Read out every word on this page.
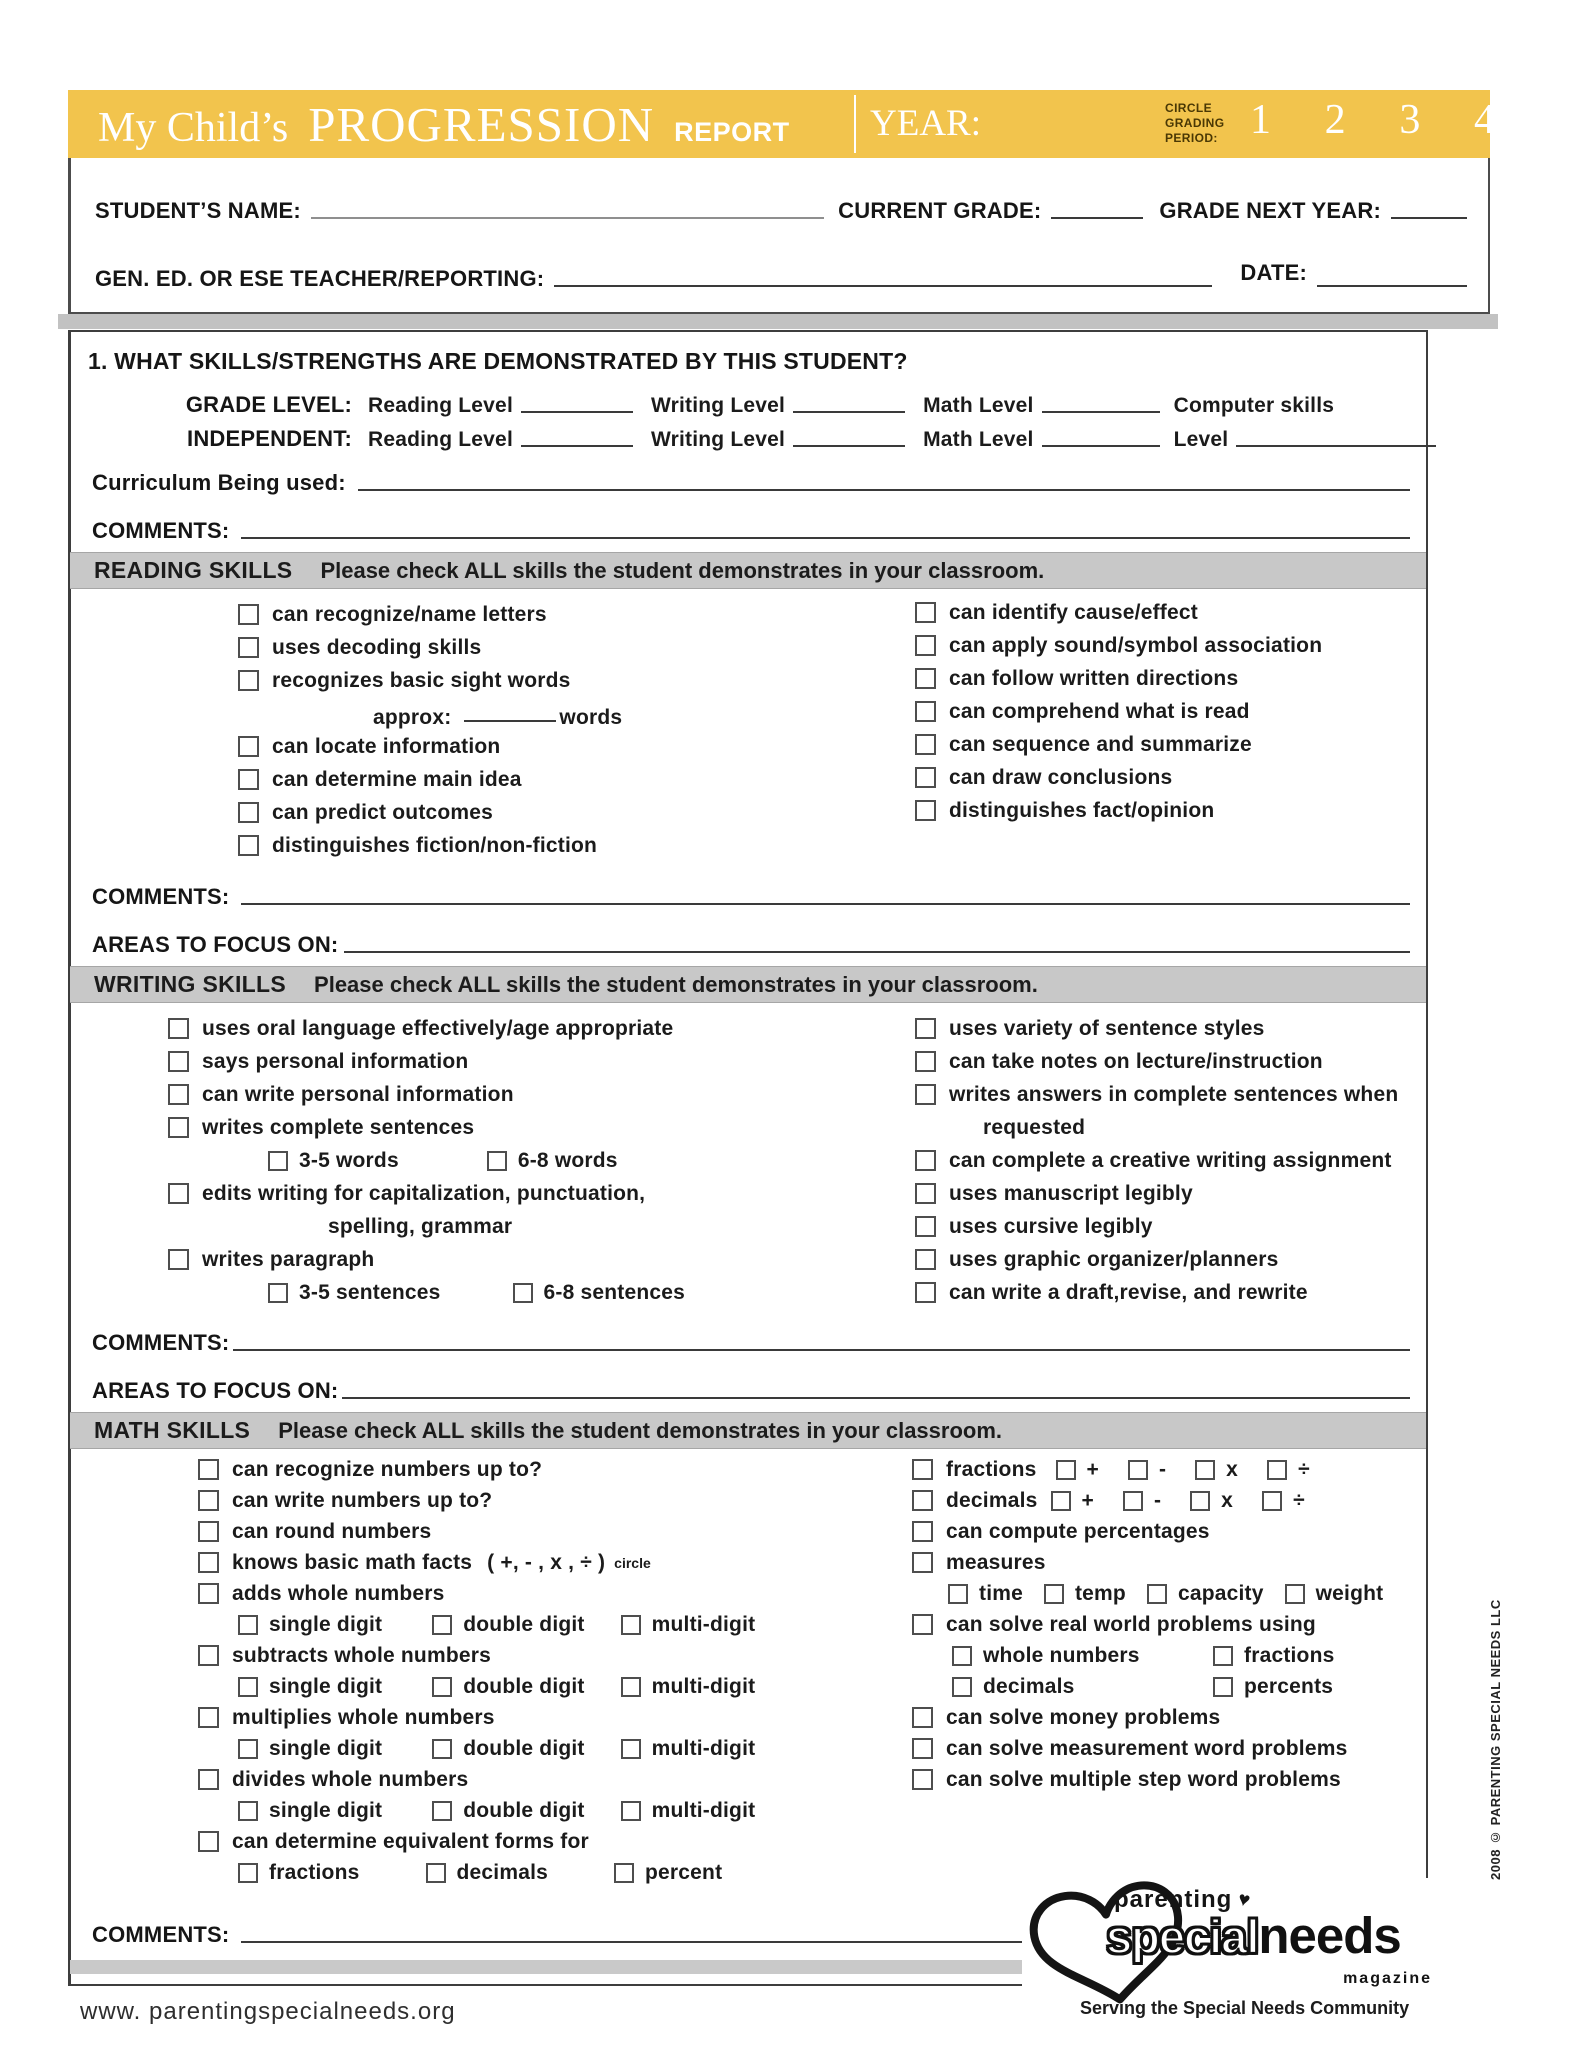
My Child’s PROGRESSION REPORT YEAR:	CIRCLE
GRADING
PERIOD: 1 2 3 4
STUDENT’S NAME:	CURRENT GRADE:	GRADE NEXT YEAR:
GEN. ED. OR ESE TEACHER/REPORTING:	DATE:
1. WHAT SKILLS/STRENGTHS ARE DEMONSTRATED BY THIS STUDENT?
GRADE LEVEL: Reading Level	Writing Level	Math Level	Computer skills
INDEPENDENT: Reading Level	Writing Level	Math Level	Level
Curriculum Being used:
COMMENTS:
READING SKILLS Please check ALL skills the student demonstrates in your classroom.
can recognize/name letters
uses decoding skills
recognizes basic sight words
approx:	words
can locate information
can determine main idea
can predict outcomes
distinguishes fiction/non-fiction
can identify cause/effect
can apply sound/symbol association
can follow written directions
can comprehend what is read
can sequence and summarize
can draw conclusions
distinguishes fact/opinion
COMMENTS:
AREAS TO FOCUS ON:
WRITING SKILLS Please check ALL skills the student demonstrates in your classroom.
uses oral language effectively/age appropriate
says personal information
can write personal information
writes complete sentences
3-5 words	6-8 words
edits writing for capitalization, punctuation,
spelling, grammar
writes paragraph
3-5 sentences	6-8 sentences
uses variety of sentence styles
can take notes on lecture/instruction
writes answers in complete sentences when
requested
can complete a creative writing assignment
uses manuscript legibly
uses cursive legibly
uses graphic organizer/planners
can write a draft,revise, and rewrite
COMMENTS:
AREAS TO FOCUS ON:
MATH SKILLS Please check ALL skills the student demonstrates in your classroom.
can recognize numbers up to?
can write numbers up to?
can round numbers
knows basic math facts ( +, - , x , ÷ ) circle
adds whole numbers
single digit	double digit	multi-digit
subtracts whole numbers
single digit	double digit	multi-digit
multiplies whole numbers
single digit	double digit	multi-digit
divides whole numbers
single digit	double digit	multi-digit
can determine equivalent forms for
fractions	decimals	percent
fractions +	-	x	÷
decimals +	-	x	÷
can compute percentages
measures
time temp capacity weight
can solve real world problems using
whole numbers	fractions
decimals	percents
can solve money problems
can solve measurement word problems
can solve multiple step word problems
COMMENTS:
parenting ♥
special needs
magazine
Serving the Special Needs Community
2008 © PARENTING SPECIAL NEEDS LLC
www. parentingspecialneeds.org
